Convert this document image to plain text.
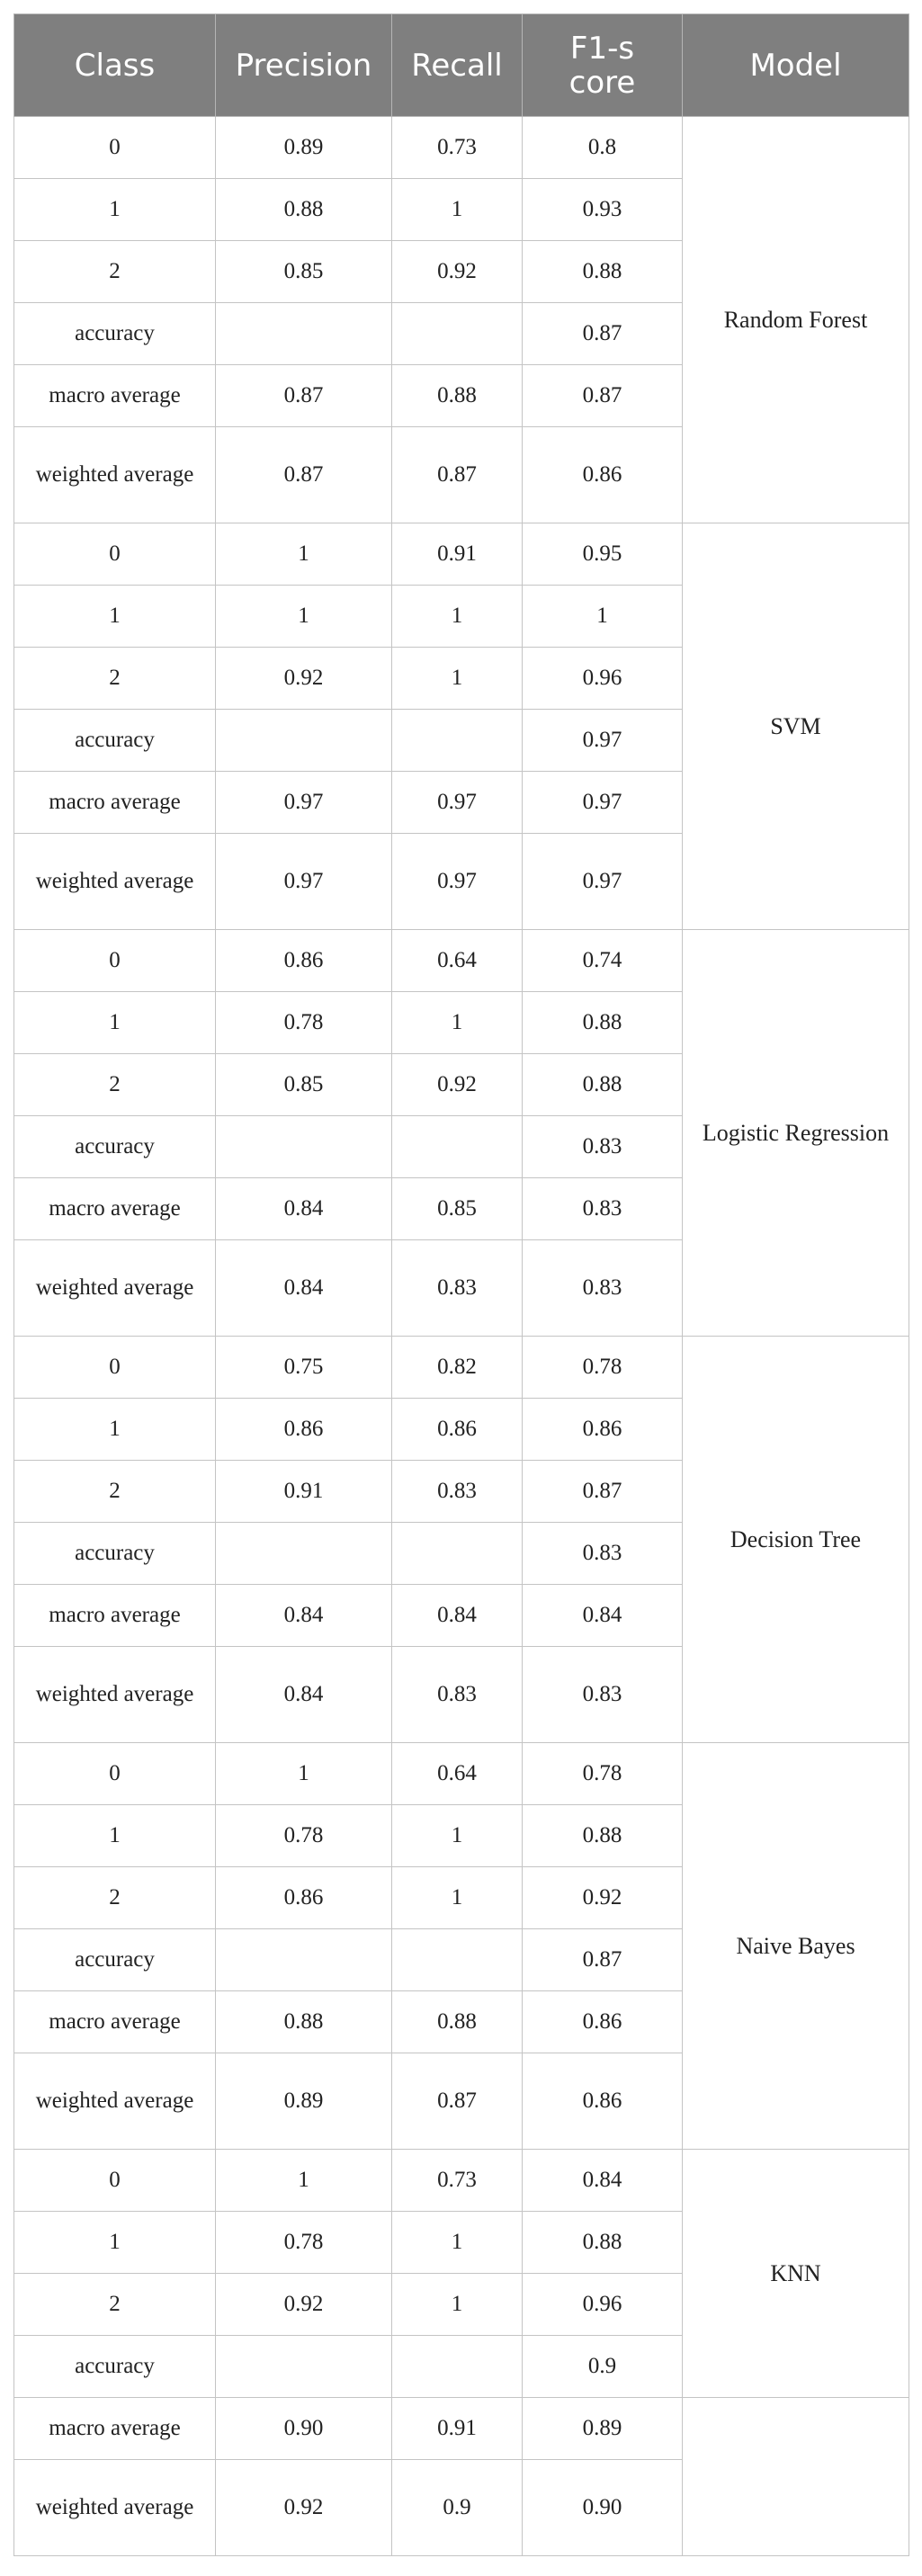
Class	Precision	Recall	F1-score	Model
0	0.89	0.73	0.8	Random Forest
1	0.88	1	0.93	
2	0.85	0.92	0.88	
accuracy			0.87	
macro average	0.87	0.88	0.87	
weighted average	0.87	0.87	0.86	
0	1	0.91	0.95	SVM
1	1	1	1	
2	0.92	1	0.96	
accuracy			0.97	
macro average	0.97	0.97	0.97	
weighted average	0.97	0.97	0.97	
0	0.86	0.64	0.74	Logistic Regression
1	0.78	1	0.88	
2	0.85	0.92	0.88	
accuracy			0.83	
macro average	0.84	0.85	0.83	
weighted average	0.84	0.83	0.83	
0	0.75	0.82	0.78	Decision Tree
1	0.86	0.86	0.86	
2	0.91	0.83	0.87	
accuracy			0.83	
macro average	0.84	0.84	0.84	
weighted average	0.84	0.83	0.83	
0	1	0.64	0.78	Naive Bayes
1	0.78	1	0.88	
2	0.86	1	0.92	
accuracy			0.87	
macro average	0.88	0.88	0.86	
weighted average	0.89	0.87	0.86	
0	1	0.73	0.84	KNN
1	0.78	1	0.88	
2	0.92	1	0.96	
accuracy			0.9	
macro average	0.90	0.91	0.89	
weighted average	0.92	0.9	0.90	
